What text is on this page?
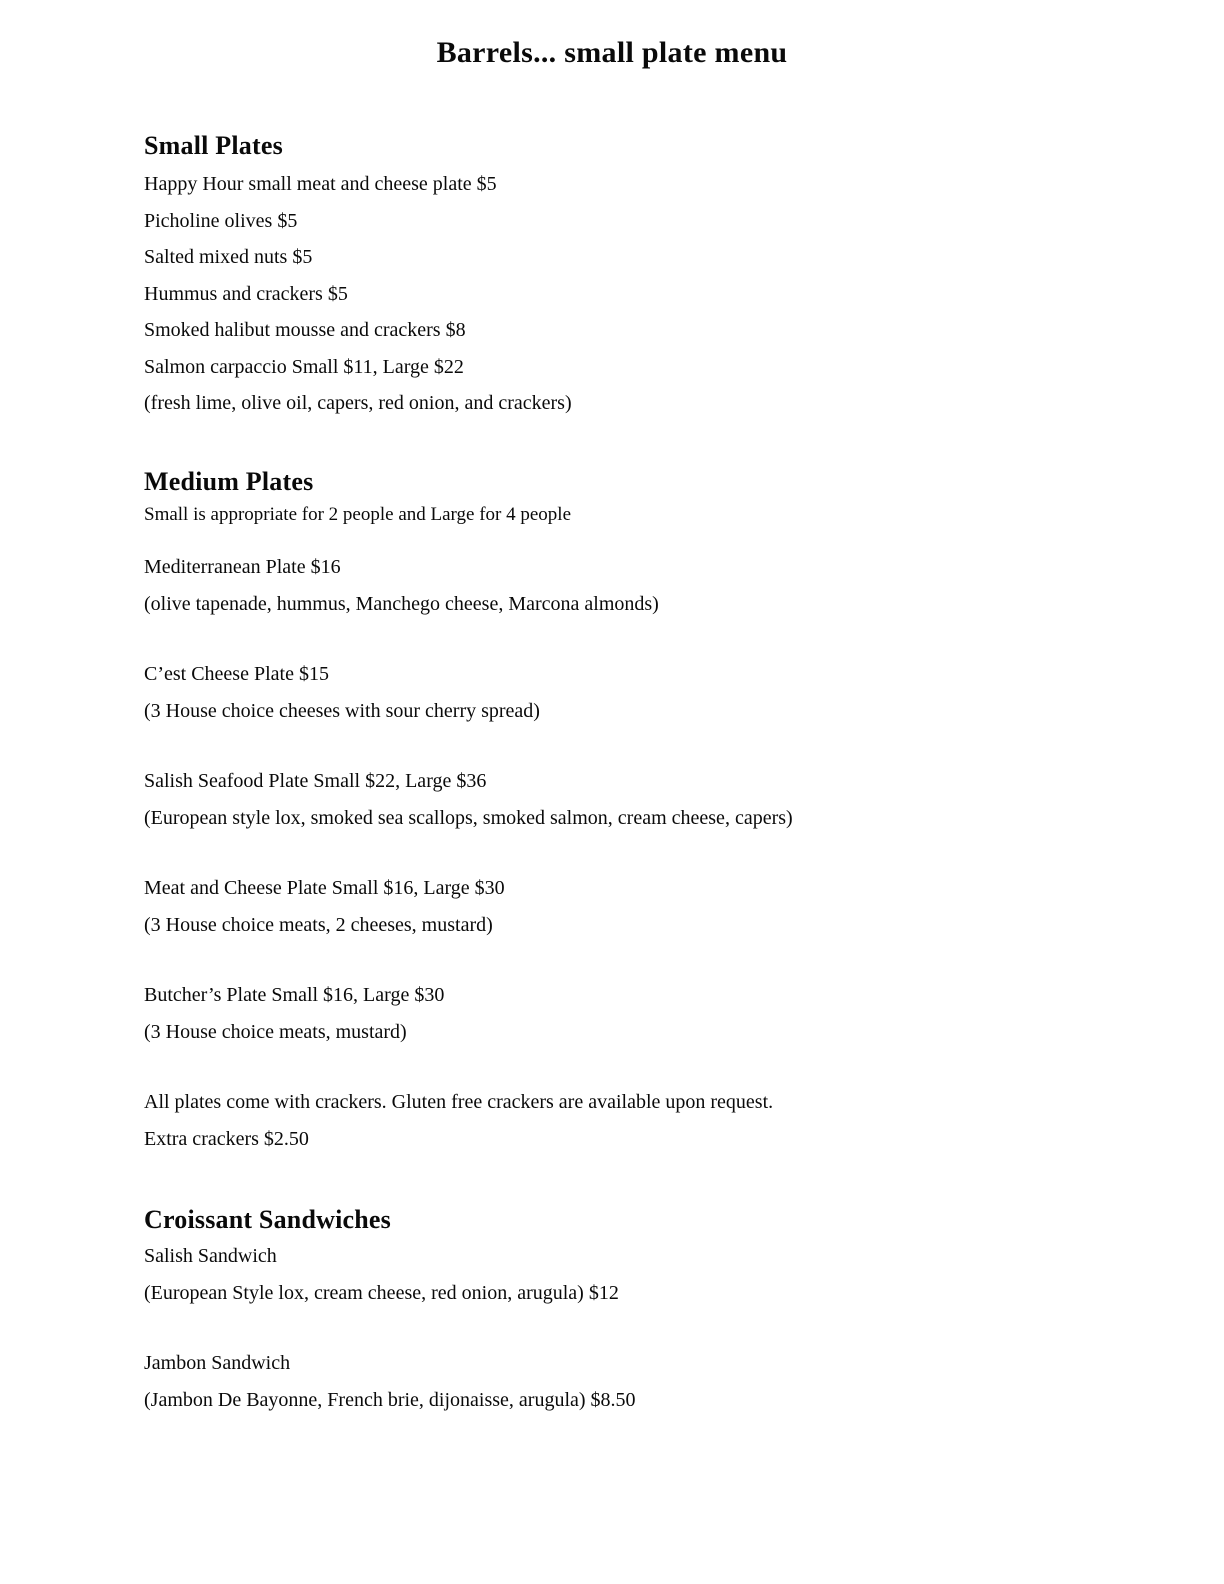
Barrels... small plate menu
Small Plates

Happy Hour small meat and cheese plate $5

Picholine olives $5

Salted mixed nuts $5

Hummus and crackers $5

Smoked halibut mousse and crackers $8

Salmon carpaccio Small $11, Large $22

(fresh lime, olive oil, capers, red onion, and crackers)

Medium Plates

Small is appropriate for 2 people and Large for 4 people

Mediterranean Plate $16

(olive tapenade, hummus, Manchego cheese, Marcona almonds)

C’est Cheese Plate $15

(3 House choice cheeses with sour cherry spread)

Salish Seafood Plate Small $22, Large $36

(European style lox, smoked sea scallops, smoked salmon, cream cheese, capers)

Meat and Cheese Plate Small $16, Large $30

(3 House choice meats, 2 cheeses, mustard)

Butcher’s Plate Small $16, Large $30

(3 House choice meats, mustard)

All plates come with crackers. Gluten free crackers are available upon request.

Extra crackers $2.50

Croissant Sandwiches

Salish Sandwich

(European Style lox, cream cheese, red onion, arugula) $12

Jambon Sandwich

(Jambon De Bayonne, French brie, dijonaisse, arugula) $8.50
